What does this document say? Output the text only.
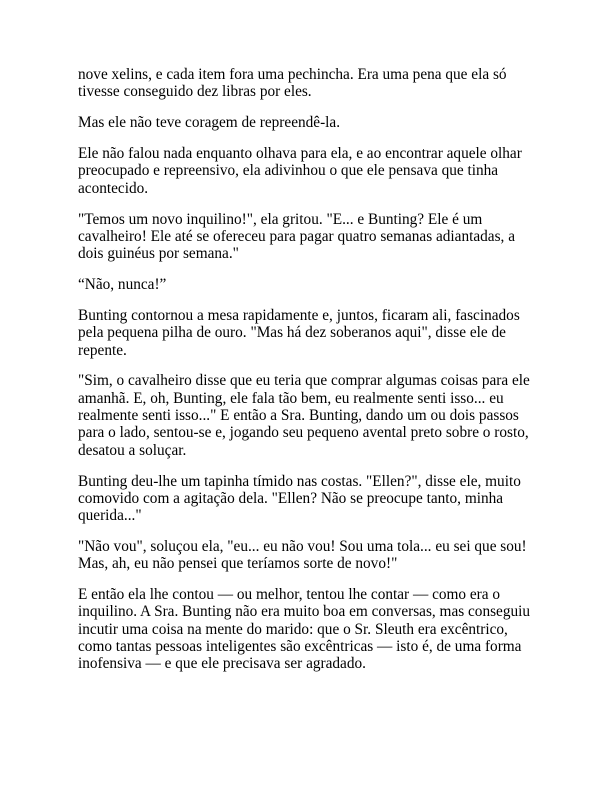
nove xelins, e cada item fora uma pechincha. Era uma pena que ela só tivesse conseguido dez libras por eles.

Mas ele não teve coragem de repreendê-la.

Ele não falou nada enquanto olhava para ela, e ao encontrar aquele olhar preocupado e repreensivo, ela adivinhou o que ele pensava que tinha acontecido.

"Temos um novo inquilino!", ela gritou. "E... e Bunting? Ele é um cavalheiro! Ele até se ofereceu para pagar quatro semanas adiantadas, a dois guinéus por semana."

“Não, nunca!”

Bunting contornou a mesa rapidamente e, juntos, ficaram ali, fascinados pela pequena pilha de ouro. "Mas há dez soberanos aqui", disse ele de repente.

"Sim, o cavalheiro disse que eu teria que comprar algumas coisas para ele amanhã. E, oh, Bunting, ele fala tão bem, eu realmente senti isso... eu realmente senti isso..." E então a Sra. Bunting, dando um ou dois passos para o lado, sentou-se e, jogando seu pequeno avental preto sobre o rosto, desatou a soluçar.

Bunting deu-lhe um tapinha tímido nas costas. "Ellen?", disse ele, muito comovido com a agitação dela. "Ellen? Não se preocupe tanto, minha querida..."

"Não vou", soluçou ela, "eu... eu não vou! Sou uma tola... eu sei que sou! Mas, ah, eu não pensei que teríamos sorte de novo!"

E então ela lhe contou — ou melhor, tentou lhe contar — como era o inquilino. A Sra. Bunting não era muito boa em conversas, mas conseguiu incutir uma coisa na mente do marido: que o Sr. Sleuth era excêntrico, como tantas pessoas inteligentes são excêntricas — isto é, de uma forma inofensiva — e que ele precisava ser agradado.
